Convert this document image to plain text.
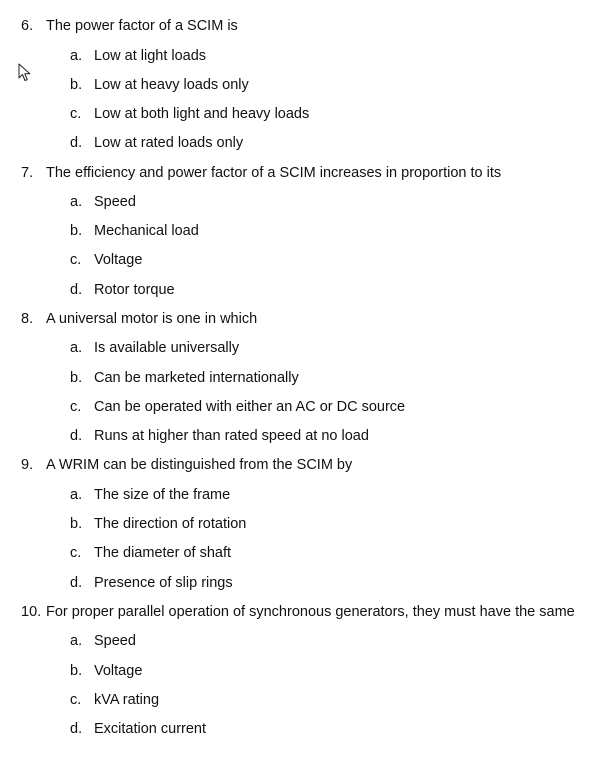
6. The power factor of a SCIM is
a. Low at light loads
b. Low at heavy loads only
c. Low at both light and heavy loads
d. Low at rated loads only
7. The efficiency and power factor of a SCIM increases in proportion to its
a. Speed
b. Mechanical load
c. Voltage
d. Rotor torque
8. A universal motor is one in which
a. Is available universally
b. Can be marketed internationally
c. Can be operated with either an AC or DC source
d. Runs at higher than rated speed at no load
9. A WRIM can be distinguished from the SCIM by
a. The size of the frame
b. The direction of rotation
c. The diameter of shaft
d. Presence of slip rings
10. For proper parallel operation of synchronous generators, they must have the same
a. Speed
b. Voltage
c. kVA rating
d. Excitation current
